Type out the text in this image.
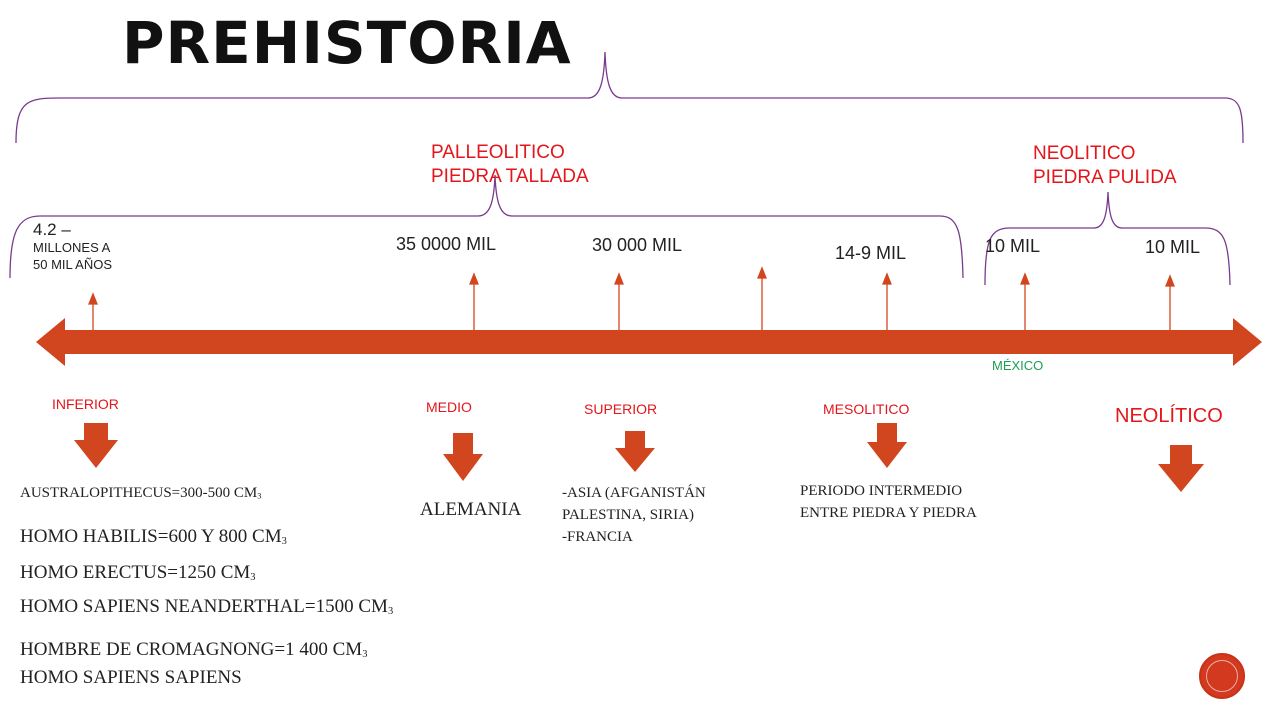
PREHISTORIA
PALLEOLITICO
PIEDRA TALLADA
NEOLITICO
PIEDRA PULIDA
4.2 –
MILLONES A
50 MIL AÑOS
35 0000 MIL	30 000 MIL	14-9 MIL	10 MIL	10 MIL
MÉXICO
INFERIOR	MEDIO	SUPERIOR	MESOLITICO	NEOLÍTICO
AUSTRALOPITHECUS=300-500 $CM_3$
HOMO HABILIS=600 Y 800 $CM_3$
HOMO ERECTUS=1250 $CM_3$
HOMO SAPIENS NEANDERTHAL=1500 $CM_3$
HOMBRE DE CROMAGNONG=1 400 $CM_3$
HOMO SAPIENS SAPIENS
ALEMANIA
-ASIA (AFGANISTÁN
PALESTINA, SIRIA)
-FRANCIA
PERIODO INTERMEDIO
ENTRE PIEDRA Y PIEDRA
